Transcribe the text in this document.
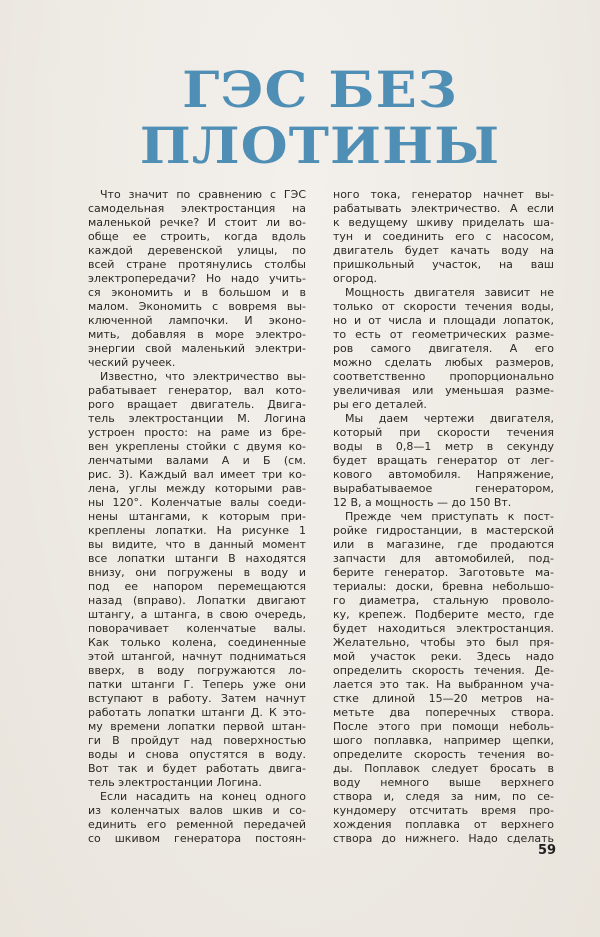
ГЭС БЕЗ ПЛОТИНЫ
Что значит по сравнению с ГЭС
самодельная электростанция на
маленькой речке? И стоит ли во-
обще ее строить, когда вдоль
каждой деревенской улицы, по
всей стране протянулись столбы
электропередачи? Но надо учить-
ся экономить и в большом и в
малом. Экономить с вовремя вы-
ключенной лампочки. И эконо-
мить, добавляя в море электро-
энергии свой маленький электри-
ческий ручеек.
Известно, что электричество вы-
рабатывает генератор, вал кото-
рого вращает двигатель. Двига-
тель электростанции М. Логина
устроен просто: на раме из бре-
вен укреплены стойки с двумя ко-
ленчатыми валами А и Б (см.
рис. 3). Каждый вал имеет три ко-
лена, углы между которыми рав-
ны 120°. Коленчатые валы соеди-
нены штангами, к которым при-
креплены лопатки. На рисунке 1
вы видите, что в данный момент
все лопатки штанги В находятся
внизу, они погружены в воду и
под ее напором перемещаются
назад (вправо). Лопатки двигают
штангу, а штанга, в свою очередь,
поворачивает коленчатые валы.
Как только колена, соединенные
этой штангой, начнут подниматься
вверх, в воду погружаются ло-
патки штанги Г. Теперь уже они
вступают в работу. Затем начнут
работать лопатки штанги Д. К это-
му времени лопатки первой штан-
ги В пройдут над поверхностью
воды и снова опустятся в воду.
Вот так и будет работать двига-
тель электростанции Логина.
Если насадить на конец одного
из коленчатых валов шкив и со-
единить его ременной передачей
со шкивом генератора постоян-
ного тока, генератор начнет вы-
рабатывать электричество. А если
к ведущему шкиву приделать ша-
тун и соединить его с насосом,
двигатель будет качать воду на
пришкольный участок, на ваш
огород.
Мощность двигателя зависит не
только от скорости течения воды,
но и от числа и площади лопаток,
то есть от геометрических разме-
ров самого двигателя. А его
можно сделать любых размеров,
соответственно пропорционально
увеличивая или уменьшая разме-
ры его деталей.
Мы даем чертежи двигателя,
который при скорости течения
воды в 0,8—1 метр в секунду
будет вращать генератор от лег-
кового автомобиля. Напряжение,
вырабатываемое генератором,
12 В, а мощность — до 150 Вт.
Прежде чем приступать к пост-
ройке гидростанции, в мастерской
или в магазине, где продаются
запчасти для автомобилей, под-
берите генератор. Заготовьте ма-
териалы: доски, бревна небольшо-
го диаметра, стальную проволо-
ку, крепеж. Подберите место, где
будет находиться электростанция.
Желательно, чтобы это был пря-
мой участок реки. Здесь надо
определить скорость течения. Де-
лается это так. На выбранном уча-
стке длиной 15—20 метров на-
метьте два поперечных створа.
После этого при помощи неболь-
шого поплавка, например щепки,
определите скорость течения во-
ды. Поплавок следует бросать в
воду немного выше верхнего
створа и, следя за ним, по се-
кундомеру отсчитать время про-
хождения поплавка от верхнего
створа до нижнего. Надо сделать
59
